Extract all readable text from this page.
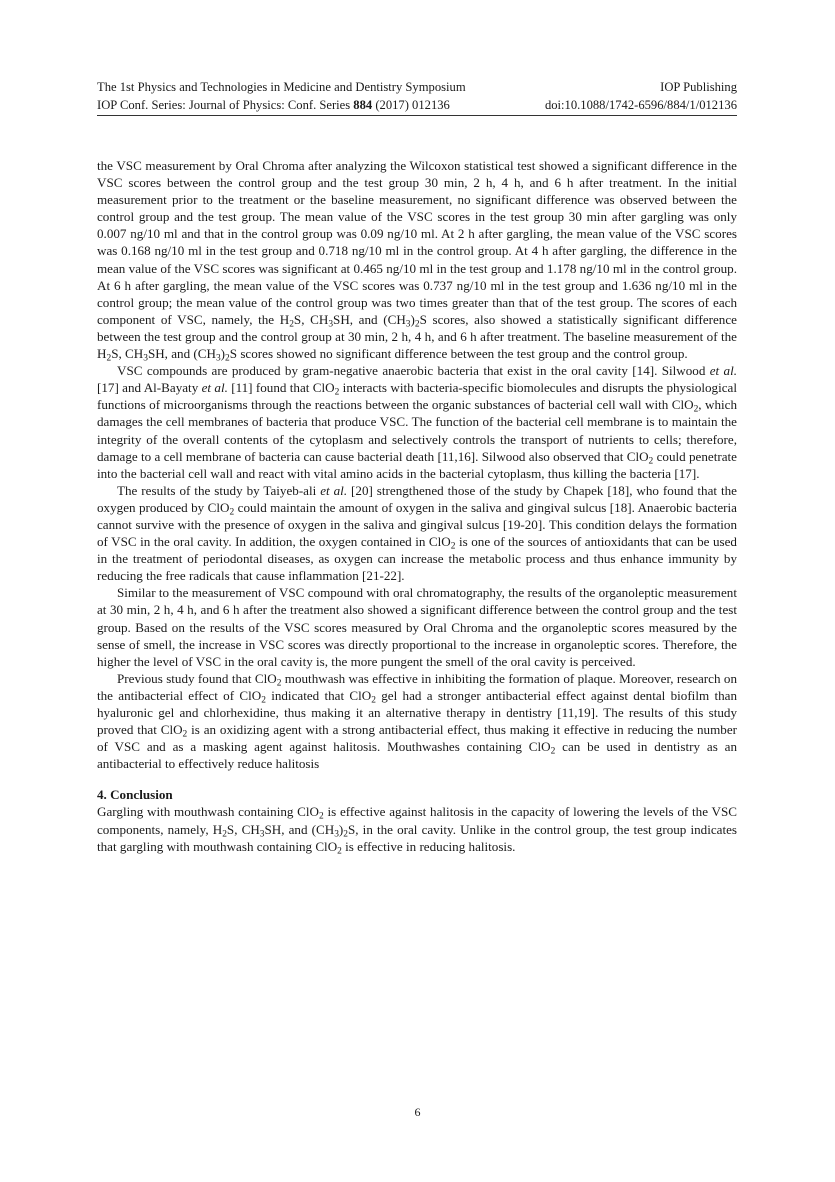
The 1st Physics and Technologies in Medicine and Dentistry Symposium	IOP Publishing
IOP Conf. Series: Journal of Physics: Conf. Series 884 (2017) 012136	doi:10.1088/1742-6596/884/1/012136

the VSC measurement by Oral Chroma after analyzing the Wilcoxon statistical test showed a significant difference in the VSC scores between the control group and the test group 30 min, 2 h, 4 h, and 6 h after treatment. In the initial measurement prior to the treatment or the baseline measurement, no significant difference was observed between the control group and the test group. The mean value of the VSC scores in the test group 30 min after gargling was only 0.007 ng/10 ml and that in the control group was 0.09 ng/10 ml. At 2 h after gargling, the mean value of the VSC scores was 0.168 ng/10 ml in the test group and 0.718 ng/10 ml in the control group. At 4 h after gargling, the difference in the mean value of the VSC scores was significant at 0.465 ng/10 ml in the test group and 1.178 ng/10 ml in the control group. At 6 h after gargling, the mean value of the VSC scores was 0.737 ng/10 ml in the test group and 1.636 ng/10 ml in the control group; the mean value of the control group was two times greater than that of the test group. The scores of each component of VSC, namely, the $H_2S$, $CH_3SH$, and $(CH_3)_2S$ scores, also showed a statistically significant difference between the test group and the control group at 30 min, 2 h, 4 h, and 6 h after treatment. The baseline measurement of the $H_2S$, $CH_3SH$, and $(CH_3)_2S$ scores showed no significant difference between the test group and the control group.

VSC compounds are produced by gram-negative anaerobic bacteria that exist in the oral cavity [14]. Silwood et al. [17] and Al-Bayaty et al. [11] found that ClO$_2$ interacts with bacteria-specific biomolecules and disrupts the physiological functions of microorganisms through the reactions between the organic substances of bacterial cell wall with ClO$_2$, which damages the cell membranes of bacteria that produce VSC. The function of the bacterial cell membrane is to maintain the integrity of the overall contents of the cytoplasm and selectively controls the transport of nutrients to cells; therefore, damage to a cell membrane of bacteria can cause bacterial death [11,16]. Silwood also observed that ClO$_2$ could penetrate into the bacterial cell wall and react with vital amino acids in the bacterial cytoplasm, thus killing the bacteria [17].

The results of the study by Taiyeb-ali et al. [20] strengthened those of the study by Chapek [18], who found that the oxygen produced by ClO$_2$ could maintain the amount of oxygen in the saliva and gingival sulcus [18]. Anaerobic bacteria cannot survive with the presence of oxygen in the saliva and gingival sulcus [19-20]. This condition delays the formation of VSC in the oral cavity. In addition, the oxygen contained in ClO$_2$ is one of the sources of antioxidants that can be used in the treatment of periodontal diseases, as oxygen can increase the metabolic process and thus enhance immunity by reducing the free radicals that cause inflammation [21-22].

Similar to the measurement of VSC compound with oral chromatography, the results of the organoleptic measurement at 30 min, 2 h, 4 h, and 6 h after the treatment also showed a significant difference between the control group and the test group. Based on the results of the VSC scores measured by Oral Chroma and the organoleptic scores measured by the sense of smell, the increase in VSC scores was directly proportional to the increase in organoleptic scores. Therefore, the higher the level of VSC in the oral cavity is, the more pungent the smell of the oral cavity is perceived.

Previous study found that ClO$_2$ mouthwash was effective in inhibiting the formation of plaque. Moreover, research on the antibacterial effect of ClO$_2$ indicated that ClO$_2$ gel had a stronger antibacterial effect against dental biofilm than hyaluronic gel and chlorhexidine, thus making it an alternative therapy in dentistry [11,19]. The results of this study proved that ClO$_2$ is an oxidizing agent with a strong antibacterial effect, thus making it effective in reducing the number of VSC and as a masking agent against halitosis. Mouthwashes containing ClO$_2$ can be used in dentistry as an antibacterial to effectively reduce halitosis

4. Conclusion

Gargling with mouthwash containing ClO$_2$ is effective against halitosis in the capacity of lowering the levels of the VSC components, namely, $H_2S$, $CH_3SH$, and $(CH_3)_2S$, in the oral cavity. Unlike in the control group, the test group indicates that gargling with mouthwash containing ClO$_2$ is effective in reducing halitosis.

6
